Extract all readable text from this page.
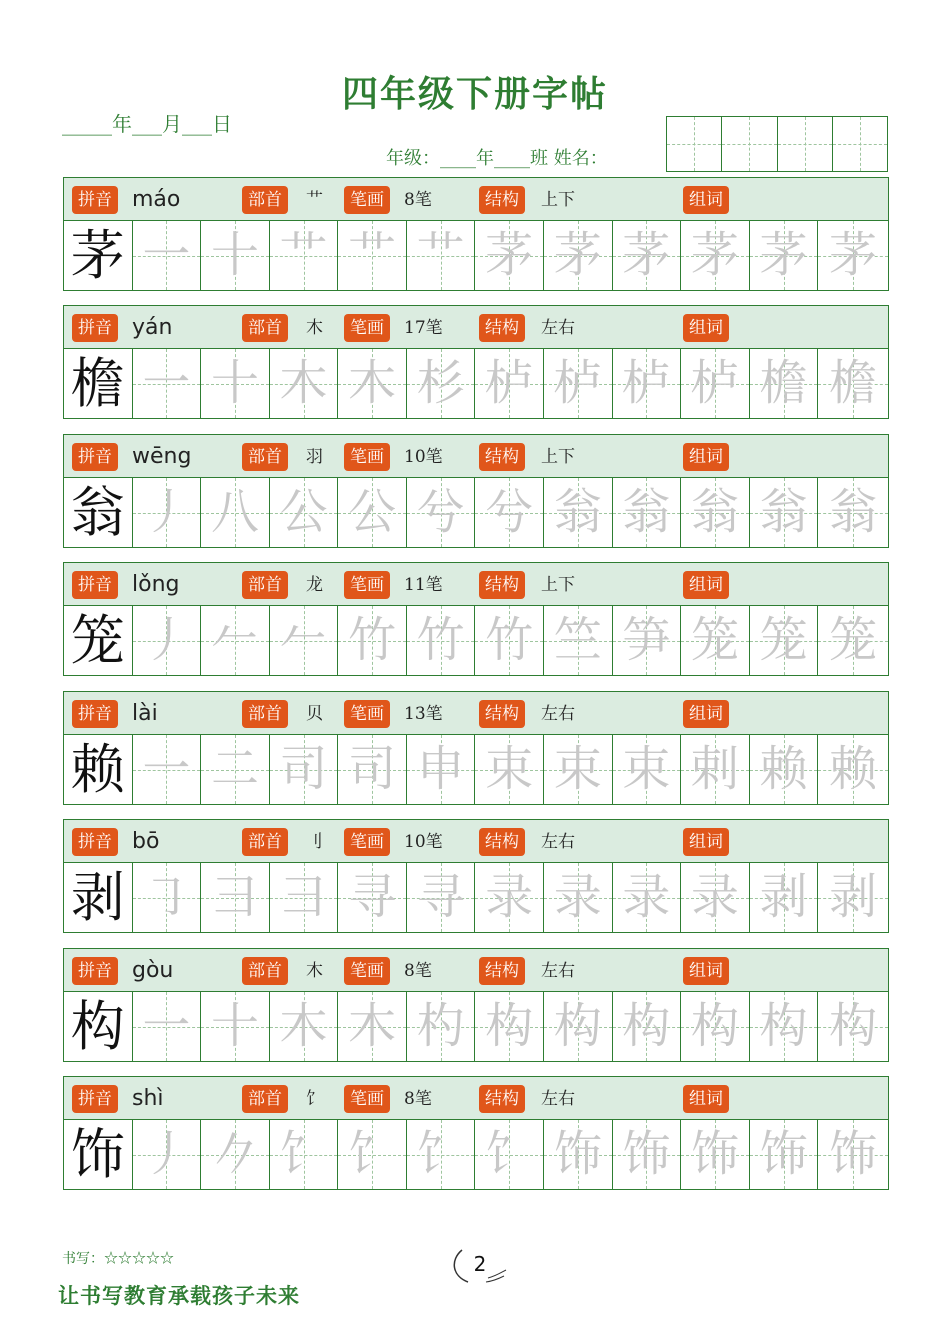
四年级下册字帖
_____年___月___日
年级：____年____班 姓名：
拼音 máo	部首	艹	笔画	8笔	结构	上下	组词
茅 一 十 艹 艹 艹 茅 茅 茅 茅 茅 茅
拼音 yán	部首	木	笔画	17笔	结构	左右	组词
檐 一 十 木 木 杉 栌 栌 栌 栌 檐 檐
拼音 wēng	部首	羽	笔画	10笔	结构	上下	组词
翁 丿 八 公 公 兮 兮 翁 翁 翁 翁 翁
拼音 lǒng	部首	龙	笔画	11笔	结构	上下	组词
笼 丿 𠂉 𠂉 竹 竹 竹 竺 笋 笼 笼 笼
拼音 lài	部首	贝	笔画	13笔	结构	左右	组词
赖 一 二 司 司 申 束 束 束 剌 赖 赖
拼音 bō	部首	刂	笔画	10笔	结构	左右	组词
剥 ㇆ 彐 彐 寻 寻 录 录 录 录 剥 剥
拼音 gòu	部首	木	笔画	8笔	结构	左右	组词
构 一 十 木 木 杓 构 构 构 构 构 构
拼音 shì	部首	饣	笔画	8笔	结构	左右	组词
饰 丿 𠂊 饣 饣 饣 饣 饰 饰 饰 饰 饰
书写：☆☆☆☆☆
让书写教育承载孩子未来
2
